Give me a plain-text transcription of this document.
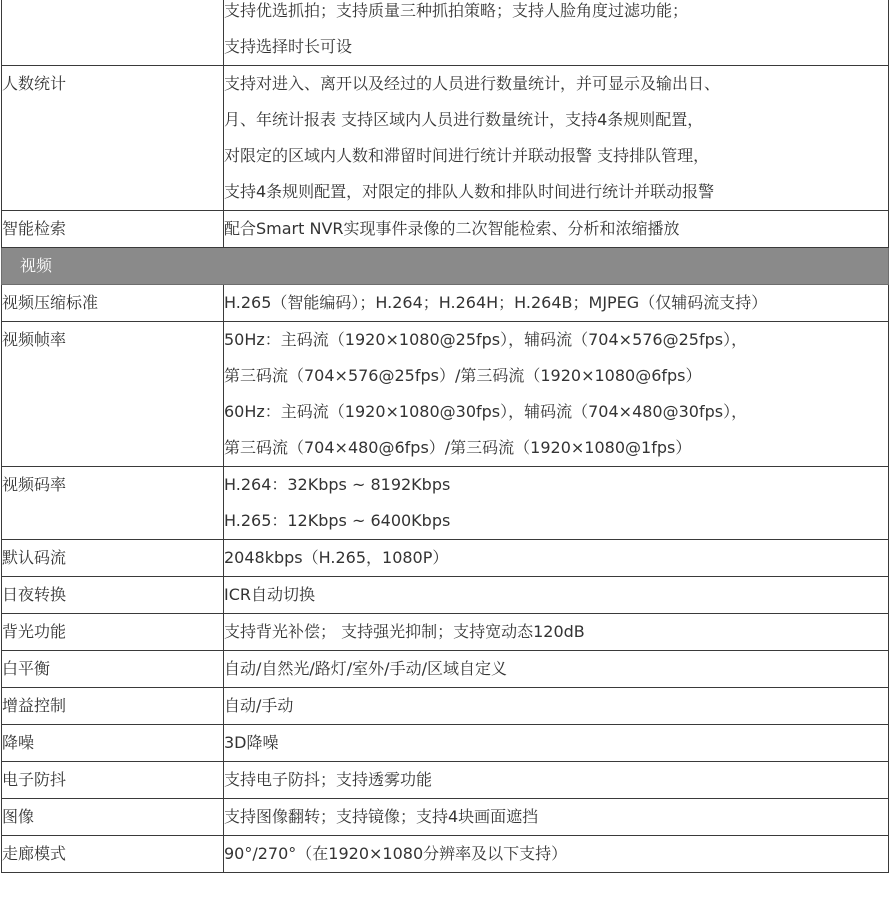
	支持优选抓拍；支持质量三种抓拍策略；支持人脸角度过滤功能；
支持选择时长可设

人数统计	支持对进入、离开以及经过的人员进行数量统计，并可显示及输出日、
月、年统计报表 支持区域内人员进行数量统计，支持4条规则配置，
对限定的区域内人数和滞留时间进行统计并联动报警 支持排队管理，
支持4条规则配置，对限定的排队人数和排队时间进行统计并联动报警

智能检索	配合Smart NVR实现事件录像的二次智能检索、分析和浓缩播放

视频	
视频压缩标准	H.265（智能编码）；H.264；H.264H；H.264B；MJPEG（仅辅码流支持）

视频帧率	50Hz：主码流（1920×1080@25fps），辅码流（704×576@25fps），
第三码流（704×576@25fps）/第三码流（1920×1080@6fps）
60Hz：主码流（1920×1080@30fps），辅码流（704×480@30fps），
第三码流（704×480@6fps）/第三码流（1920×1080@1fps）

视频码率	H.264：32Kbps ~ 8192Kbps
H.265：12Kbps ~ 6400Kbps

默认码流	2048kbps（H.265，1080P）

日夜转换	ICR自动切换

背光功能	支持背光补偿； 支持强光抑制；支持宽动态120dB

白平衡	自动/自然光/路灯/室外/手动/区域自定义

增益控制	自动/手动

降噪	3D降噪

电子防抖	支持电子防抖；支持透雾功能

图像	支持图像翻转；支持镜像；支持4块画面遮挡

走廊模式	90°/270°（在1920×1080分辨率及以下支持）
